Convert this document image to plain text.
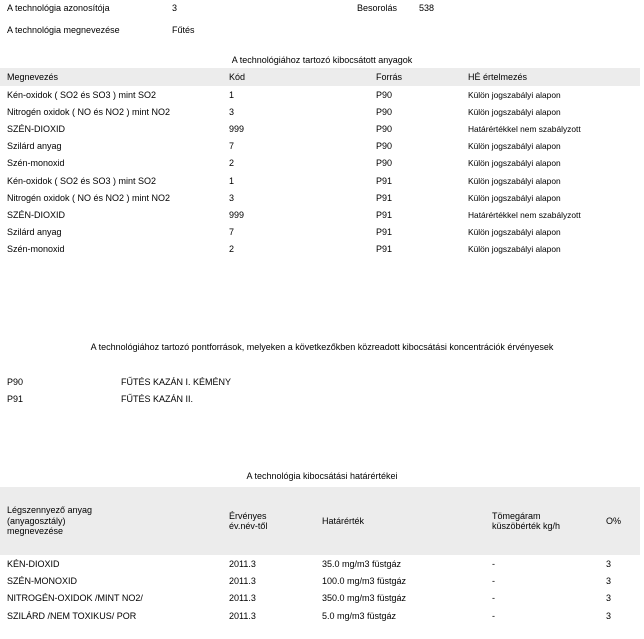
A technológia azonosítója	3	Besorolás 538
A technológia megnevezése	Fűtés
A technológiához tartozó kibocsátott anyagok
Megnevezés	Kód	Forrás	HÉ értelmezés
Kén-oxidok ( SO2 és SO3 ) mint SO2	1	P90	Külön jogszabályi alapon
Nitrogén oxidok ( NO és NO2 ) mint NO2	3	P90	Külön jogszabályi alapon
SZÉN-DIOXID	999	P90	Határértékkel nem szabályzott
Szilárd anyag	7	P90	Külön jogszabályi alapon
Szén-monoxid	2	P90	Külön jogszabályi alapon
Kén-oxidok ( SO2 és SO3 ) mint SO2	1	P91	Külön jogszabályi alapon
Nitrogén oxidok ( NO és NO2 ) mint NO2	3	P91	Külön jogszabályi alapon
SZÉN-DIOXID	999	P91	Határértékkel nem szabályzott
Szilárd anyag	7	P91	Külön jogszabályi alapon
Szén-monoxid	2	P91	Külön jogszabályi alapon
A technológiához tartozó pontforrások, melyeken a következőkben közreadott kibocsátási koncentrációk érvényesek
P90	FŰTÉS KAZÁN I. KÉMÉNY
P91	FŰTÉS KAZÁN II.
A technológia kibocsátási határértékei
Légszennyező anyag (anyagosztály) megnevezése	Érvényes év.név-től	Határérték	Tömegáram küszöbérték kg/h	O%
KÉN-DIOXID	2011.3	35.0 mg/m3 füstgáz	-	3
SZÉN-MONOXID	2011.3	100.0 mg/m3 füstgáz	-	3
NITROGÉN-OXIDOK /MINT NO2/	2011.3	350.0 mg/m3 füstgáz	-	3
SZILÁRD /NEM TOXIKUS/ POR	2011.3	5.0 mg/m3 füstgáz	-	3
